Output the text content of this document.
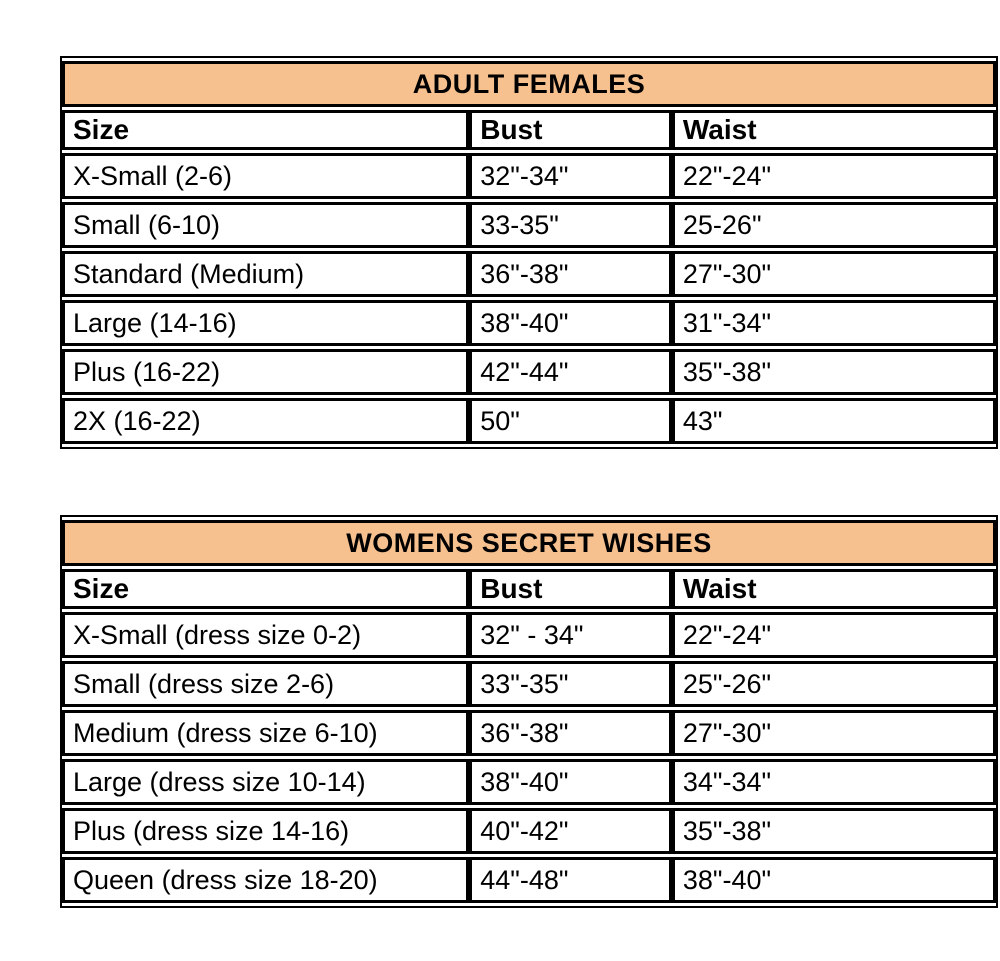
ADULT FEMALES		
Size	Bust	Waist
X-Small (2-6)	32"-34"	22"-24"
Small (6-10)	33-35"	25-26"
Standard (Medium)	36"-38"	27"-30"
Large (14-16)	38"-40"	31"-34"
Plus (16-22)	42"-44"	35"-38"
2X (16-22)	50"	43"
WOMENS SECRET WISHES		
Size	Bust	Waist
X-Small (dress size 0-2)	32" - 34"	22"-24"
Small (dress size 2-6)	33"-35"	25"-26"
Medium (dress size 6-10)	36"-38"	27"-30"
Large (dress size 10-14)	38"-40"	34"-34"
Plus (dress size 14-16)	40"-42"	35"-38"
Queen (dress size 18-20)	44"-48"	38"-40"
